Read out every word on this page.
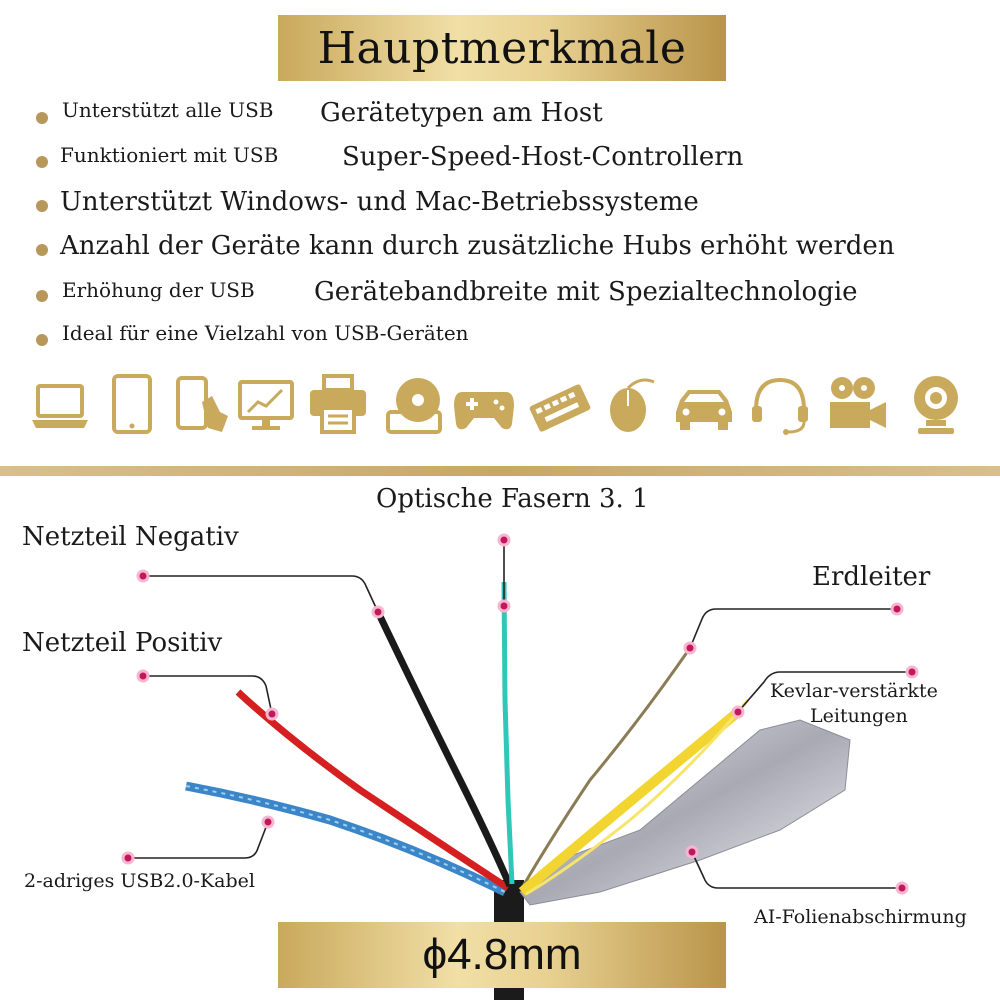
Hauptmerkmale
Unterstützt alle USB Gerätetypen am Host
Funktioniert mit USB Super-Speed-Host-Controllern
Unterstützt Windows- und Mac-Betriebssysteme
Anzahl der Geräte kann durch zusätzliche Hubs erhöht werden
Erhöhung der USB Gerätebandbreite mit Spezialtechnologie
Ideal für eine Vielzahl von USB-Geräten
Optische Fasern 3. 1
Netzteil Negativ
Netzteil Positiv
Erdleiter
Kevlar-verstärkte
Leitungen
2-adriges USB2.0-Kabel
AI-Folienabschirmung
ϕ4.8mm
